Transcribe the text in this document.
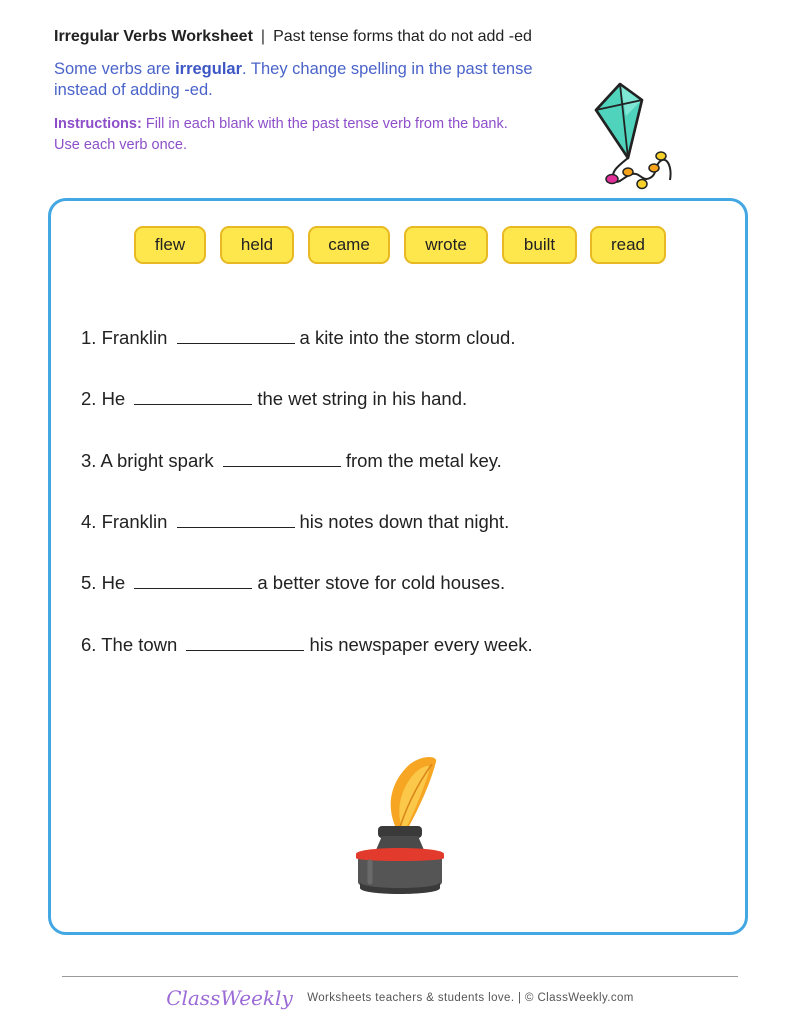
Irregular Verbs Worksheet | Past tense forms that do not add -ed
Some verbs are irregular. They change spelling in the past tense instead of adding -ed.
Instructions: Fill in each blank with the past tense verb from the bank. Use each verb once.
flew	held	came	wrote	built	read
1. Franklin	a kite into the storm cloud.
2. He	the wet string in his hand.
3. A bright spark	from the metal key.
4. Franklin	his notes down that night.
5. He	a better stove for cold houses.
6. The town	his newspaper every week.
ClassWeekly Worksheets teachers & students love. | © ClassWeekly.com
